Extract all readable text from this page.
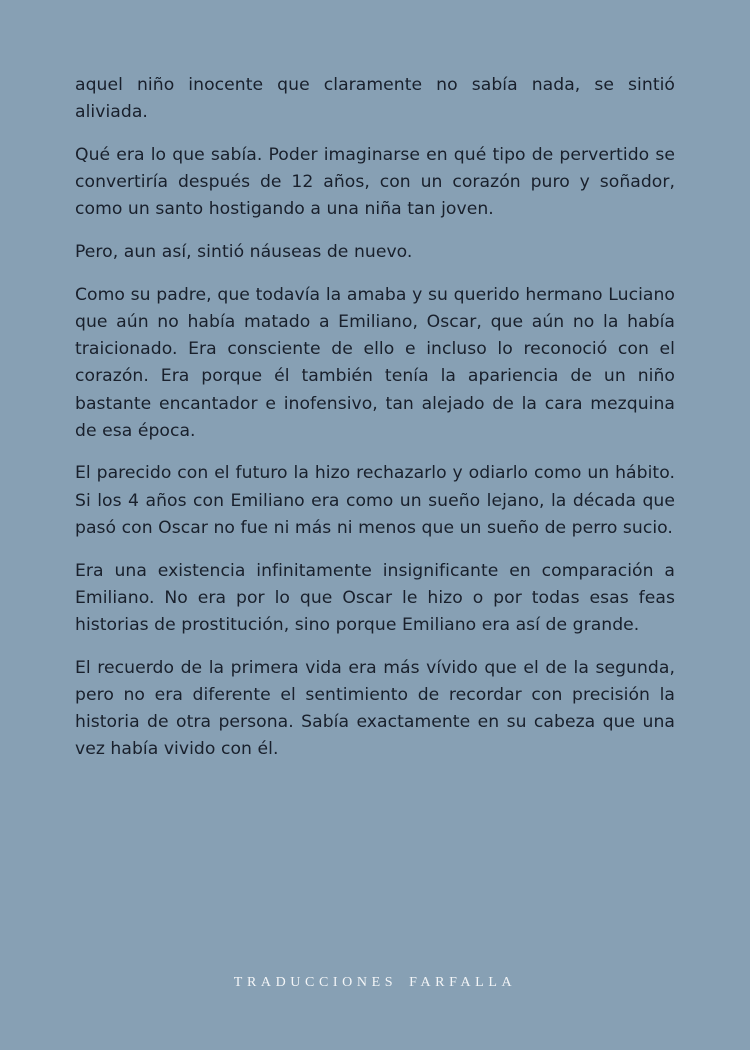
aquel niño inocente que claramente no sabía nada, se sintió aliviada.

Qué era lo que sabía. Poder imaginarse en qué tipo de pervertido se convertiría después de 12 años, con un corazón puro y soñador, como un santo hostigando a una niña tan joven.

Pero, aun así, sintió náuseas de nuevo.

Como su padre, que todavía la amaba y su querido hermano Luciano que aún no había matado a Emiliano, Oscar, que aún no la había traicionado. Era consciente de ello e incluso lo reconoció con el corazón. Era porque él también tenía la apariencia de un niño bastante encantador e inofensivo, tan alejado de la cara mezquina de esa época.

El parecido con el futuro la hizo rechazarlo y odiarlo como un hábito. Si los 4 años con Emiliano era como un sueño lejano, la década que pasó con Oscar no fue ni más ni menos que un sueño de perro sucio.

Era una existencia infinitamente insignificante en comparación a Emiliano. No era por lo que Oscar le hizo o por todas esas feas historias de prostitución, sino porque Emiliano era así de grande.

El recuerdo de la primera vida era más vívido que el de la segunda, pero no era diferente el sentimiento de recordar con precisión la historia de otra persona. Sabía exactamente en su cabeza que una vez había vivido con él.

TRADUCCIONES FARFALLA
